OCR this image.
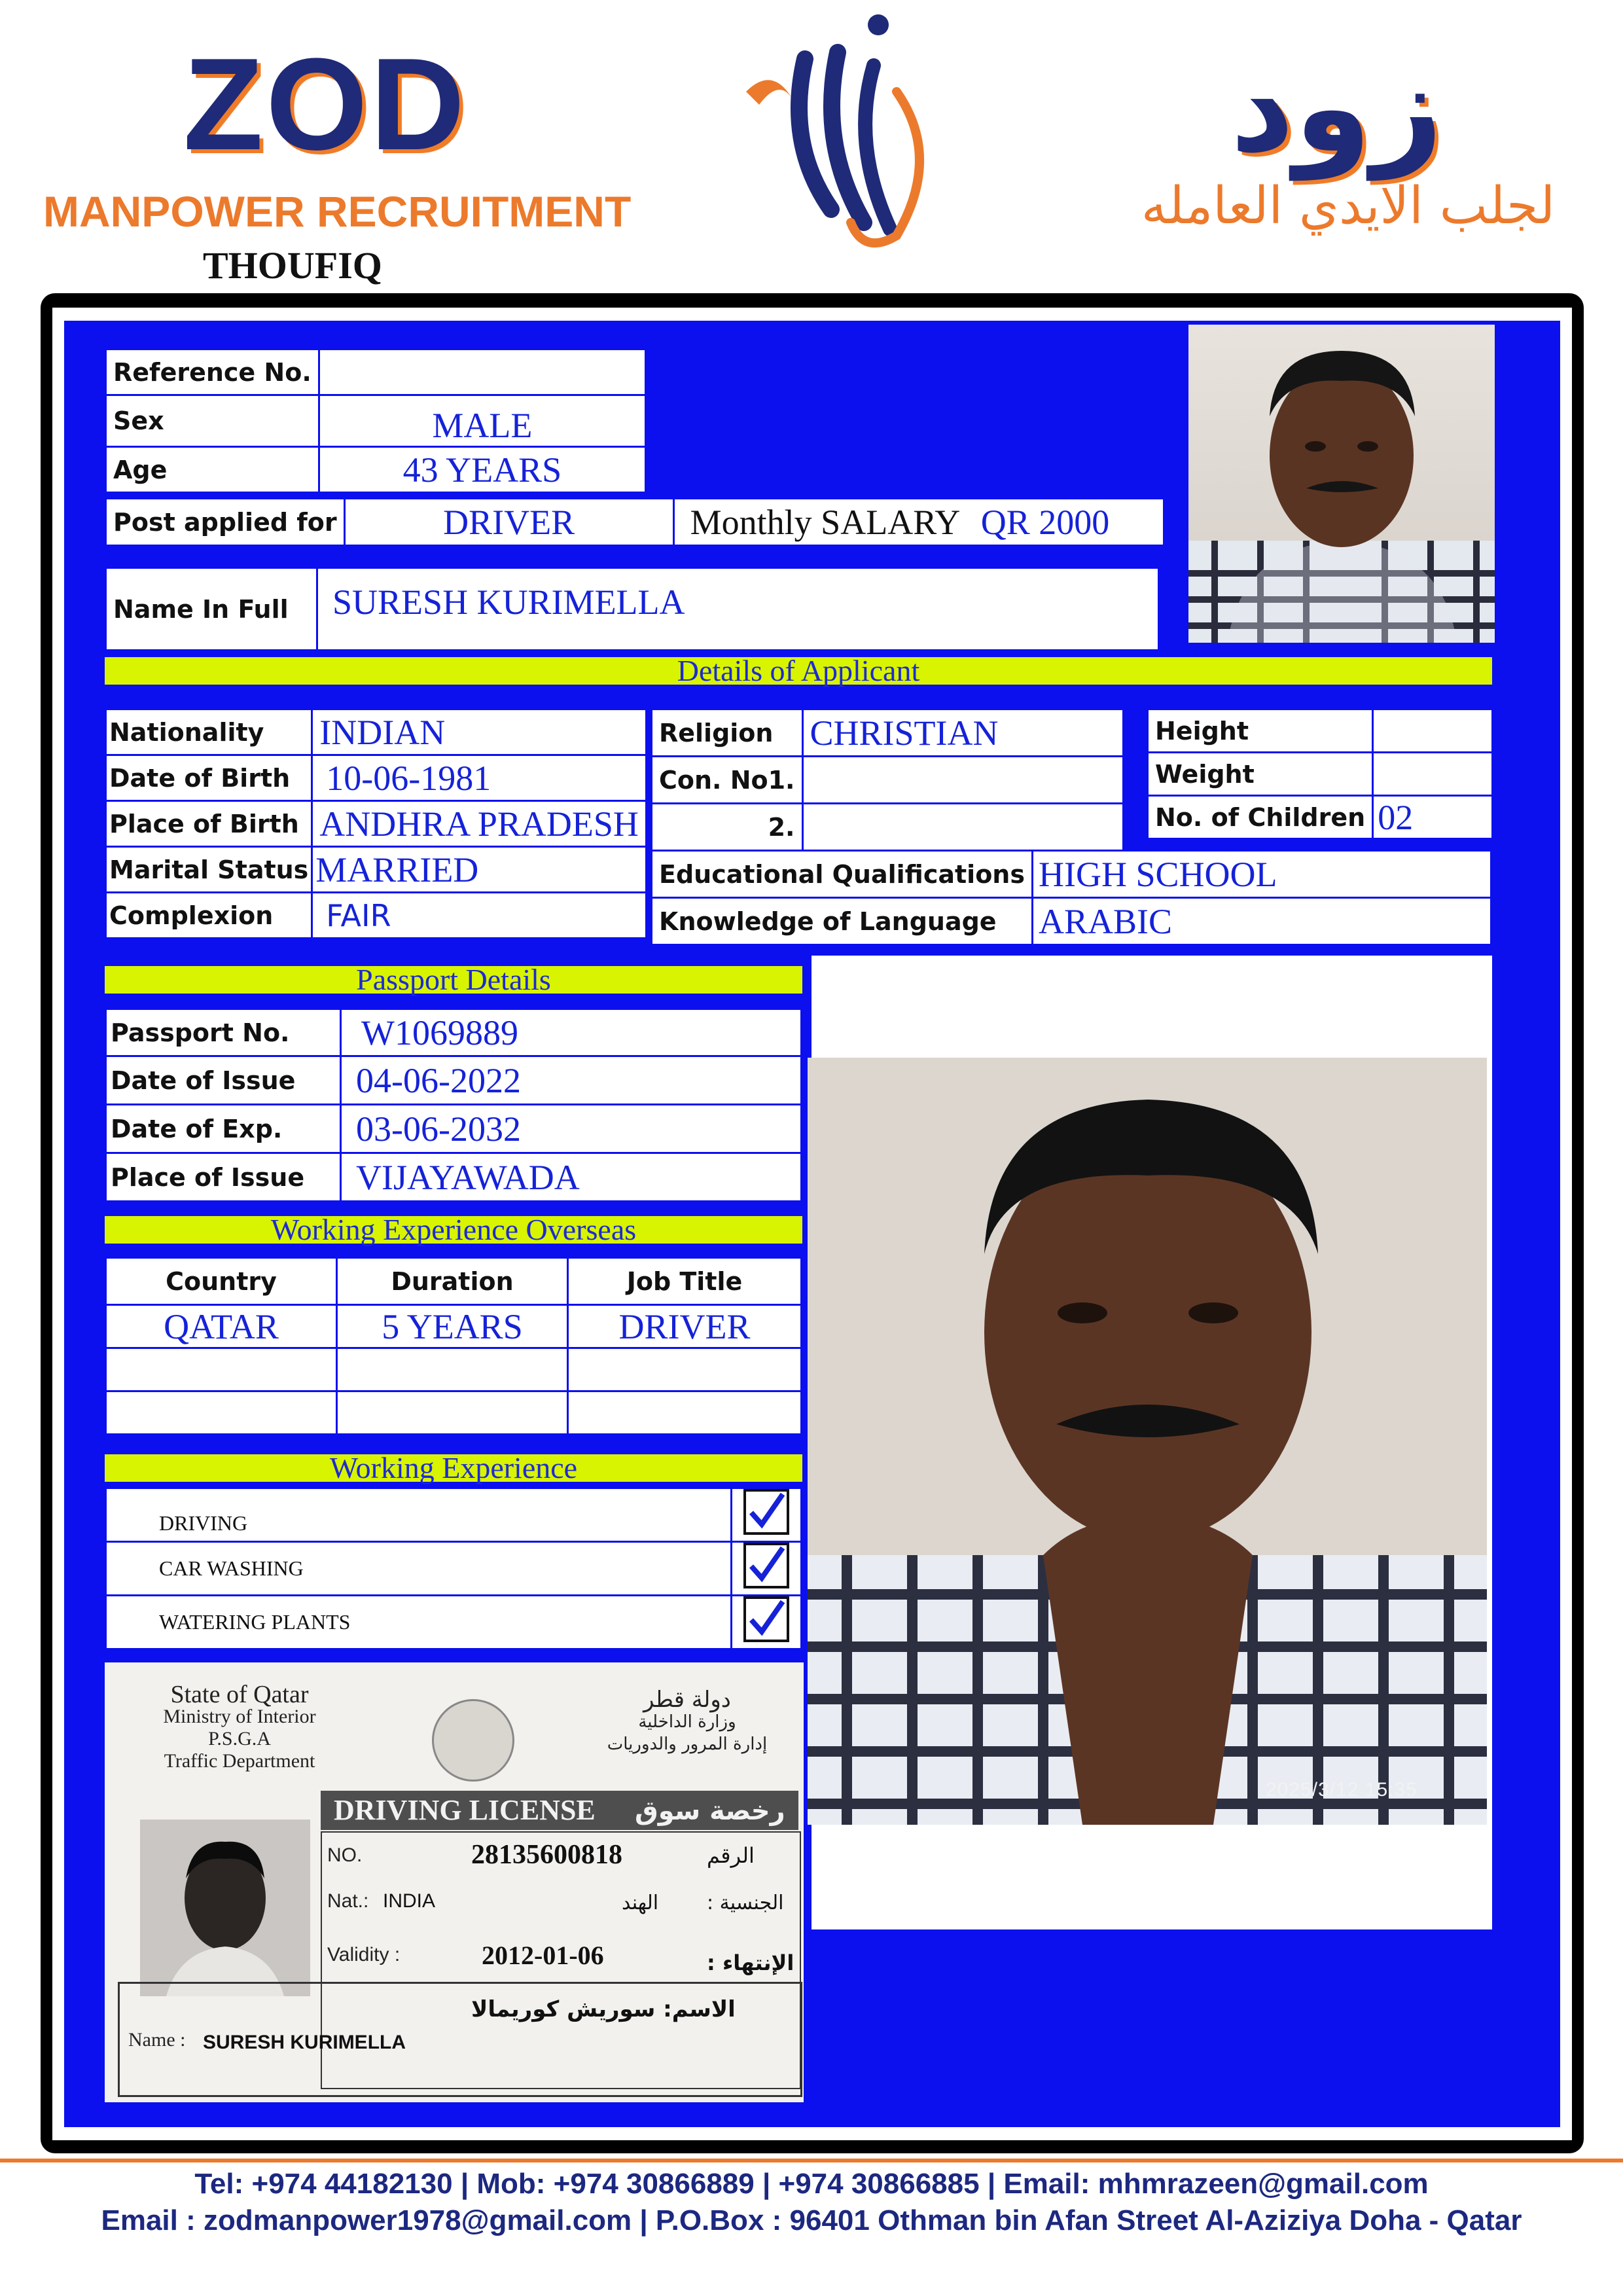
ZOD
MANPOWER RECRUITMENT
THOUFIQ
زود
لجلب الايدي العامله
Reference No.	
Sex	MALE
Age	43 YEARS
Post applied for	DRIVER	Monthly SALARY QR 2000
Name In Full	SURESH KURIMELLA
Details of Applicant
Nationality	INDIAN
Date of Birth	10-06-1981
Place of Birth	ANDHRA PRADESH
Marital Status	MARRIED
Complexion	FAIR
Religion	CHRISTIAN
Con. No1.	
2.	
Height	
Weight	
No. of Children	02
Educational Qualifications	HIGH SCHOOL
Knowledge of Language	ARABIC
Passport Details
Passport No.	W1069889
Date of Issue	04-06-2022
Date of Exp.	03-06-2032
Place of Issue	VIJAYAWADA
Working Experience Overseas
Country	Duration	Job Title
QATAR	5 YEARS	DRIVER

Working Experience
DRIVING	
CAR WASHING	
WATERING PLANTS	
State of Qatar
Ministry of Interior
P.S.G.A
Traffic Department
دولة قطر
وزارة الداخلية
إدارة المرور والدوريات
DRIVING LICENSE رخصة سوق
NO.	28135600818	الرقم
Nat.: INDIA	الهند الجنسية :
Validity :	2012-01-06	الإنتهاء :
الاسم: سوريش كوريمالا
Name : SURESH KURIMELLA
2025/3/12 15:35
Tel: +974 44182130 | Mob: +974 30866889 | +974 30866885 | Email: mhmrazeen@gmail.com
Email : zodmanpower1978@gmail.com | P.O.Box : 96401 Othman bin Afan Street Al-Aziziya Doha - Qatar
